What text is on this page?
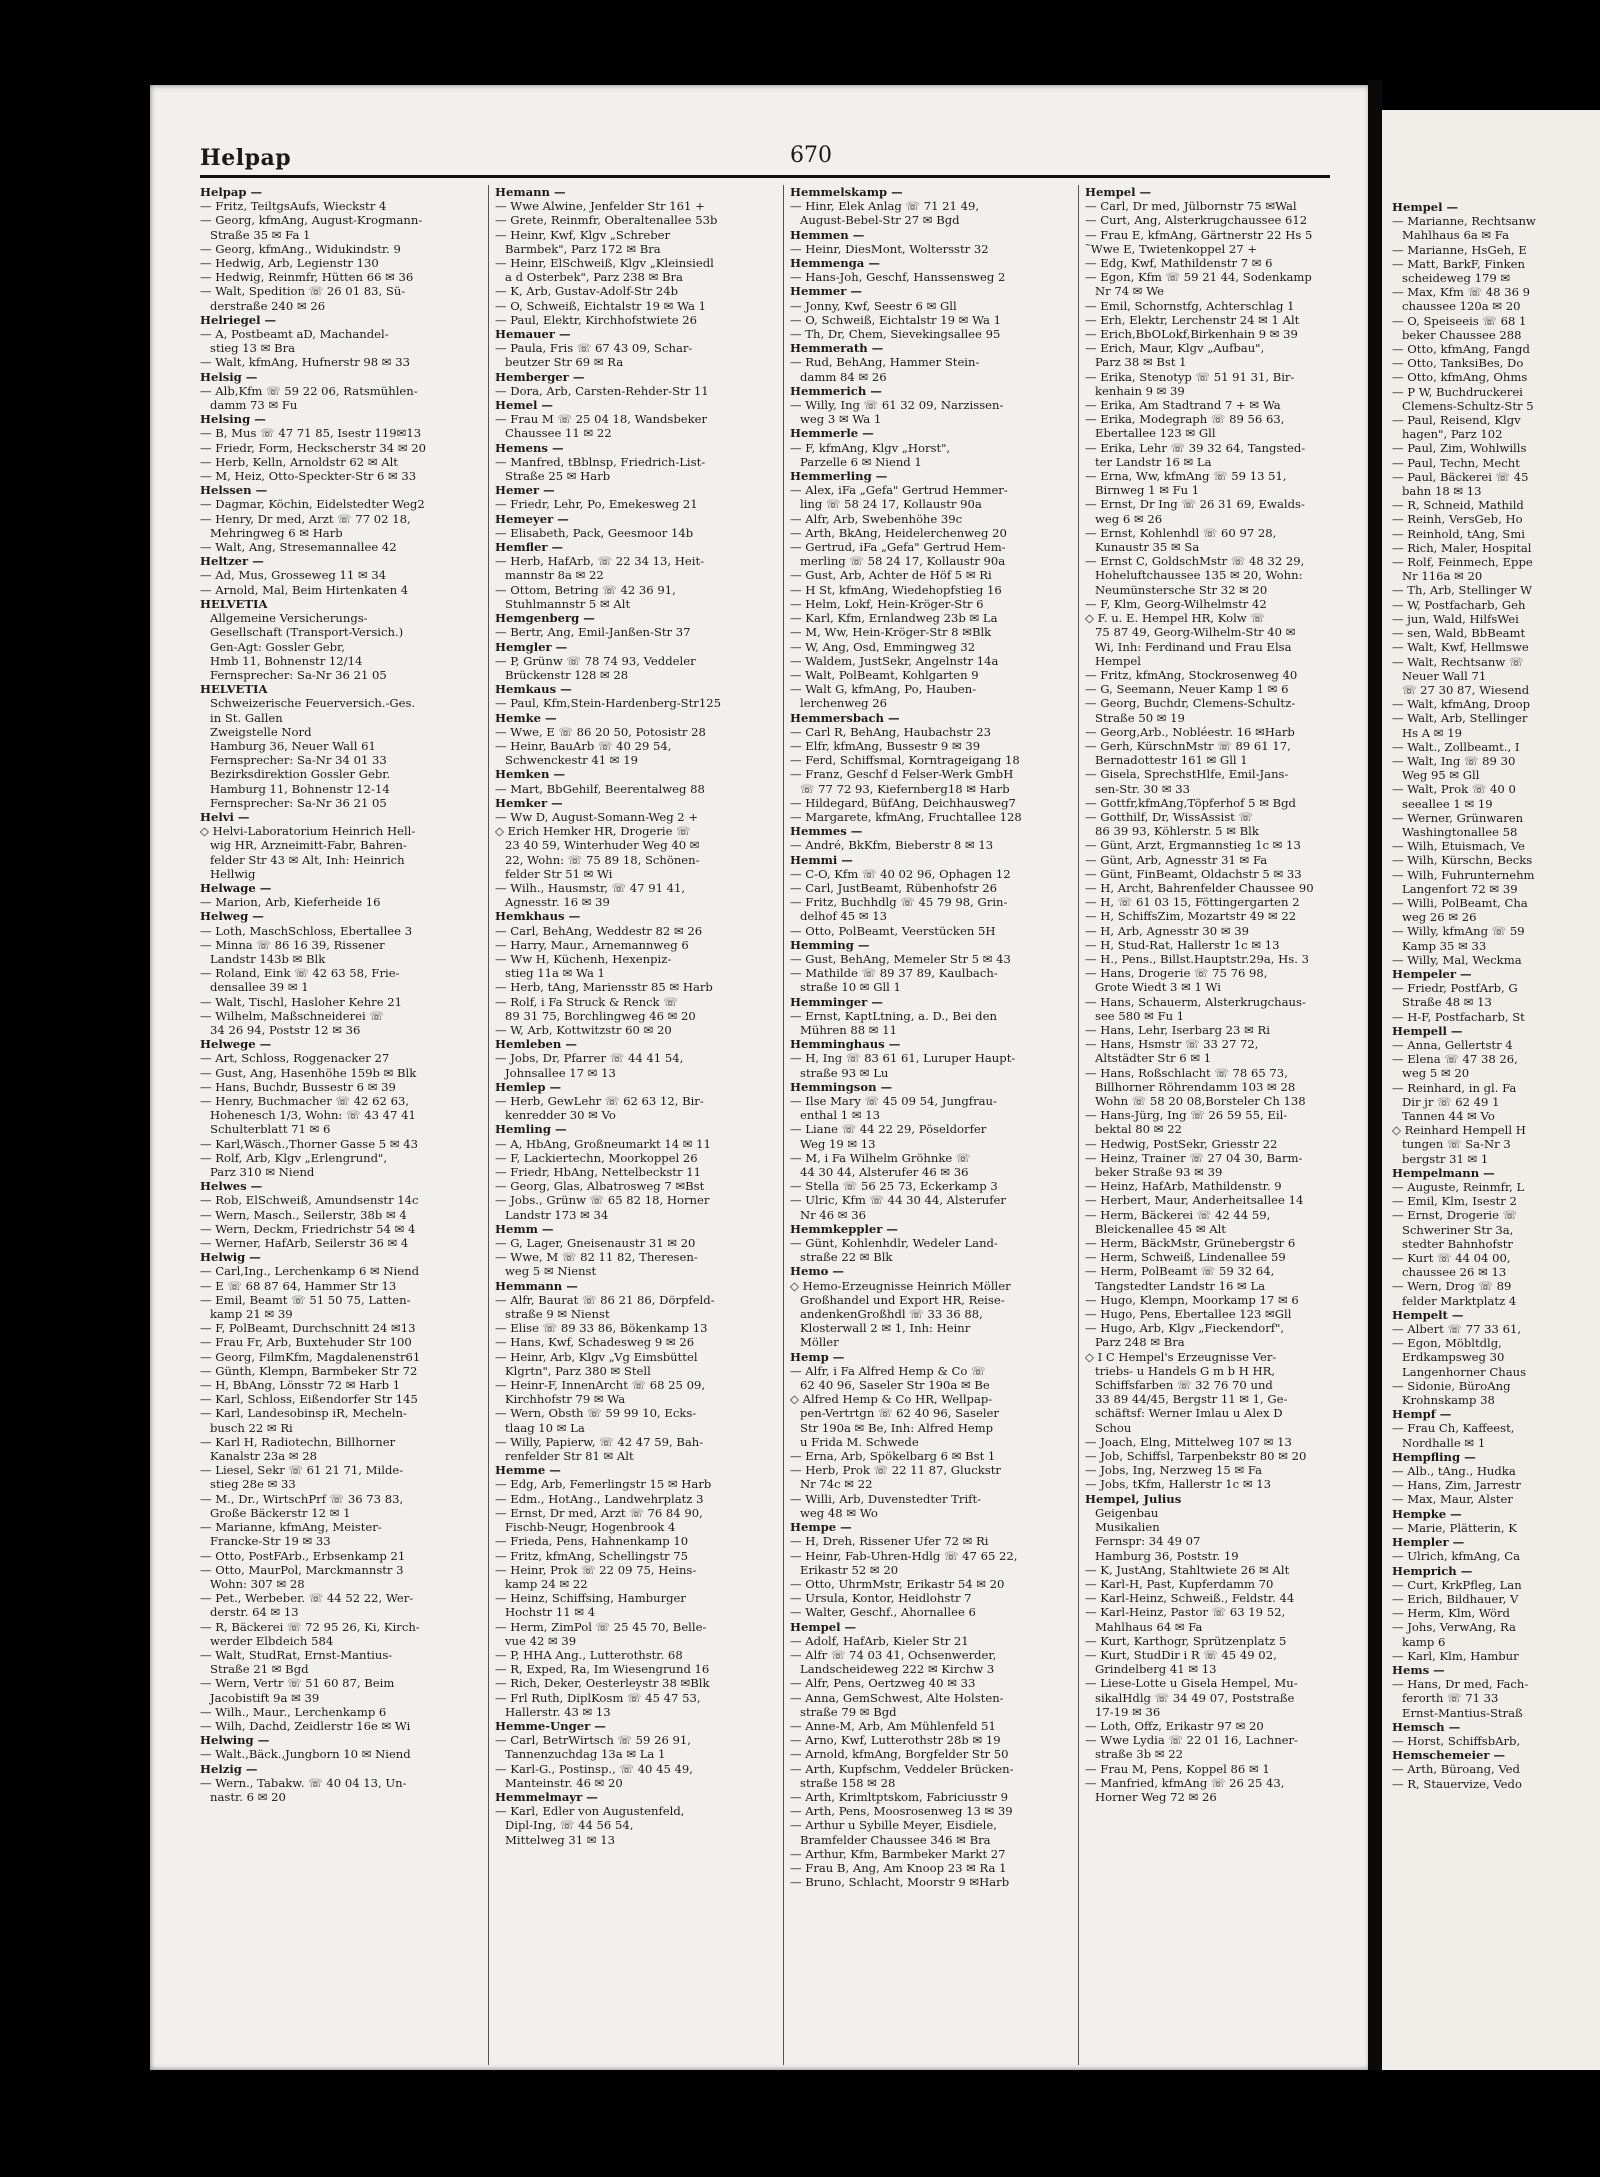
Helpap	670
Helpap —
— Fritz, TeiltgsAufs, Wieckstr 4
— Georg, kfmAng, August-Krogmann-
Straße 35 ✉ Fa 1
— Georg, kfmAng., Widukindstr. 9
— Hedwig, Arb, Legienstr 130
— Hedwig, Reinmfr, Hütten 66 ✉ 36
— Walt, Spedition ☏ 26 01 83, Sü-
derstraße 240 ✉ 26
Helriegel —
— A, Postbeamt aD, Machandel-
stieg 13 ✉ Bra
— Walt, kfmAng, Hufnerstr 98 ✉ 33
Helsig —
— Alb,Kfm ☏ 59 22 06, Ratsmühlen-
damm 73 ✉ Fu
Helsing —
— B, Mus ☏ 47 71 85, Isestr 119✉13
— Friedr, Form, Heckscherstr 34 ✉ 20
— Herb, Kelln, Arnoldstr 62 ✉ Alt
— M, Heiz, Otto-Speckter-Str 6 ✉ 33
Helssen —
— Dagmar, Köchin, Eidelstedter Weg2
— Henry, Dr med, Arzt ☏ 77 02 18,
Mehringweg 6 ✉ Harb
— Walt, Ang, Stresemannallee 42
Heltzer —
— Ad, Mus, Grosseweg 11 ✉ 34
— Arnold, Mal, Beim Hirtenkaten 4
HELVETIA
Allgemeine Versicherungs-
Gesellschaft (Transport-Versich.)
Gen-Agt: Gossler Gebr,
Hmb 11, Bohnenstr 12/14
Fernsprecher: Sa-Nr 36 21 05
HELVETIA
Schweizerische Feuerversich.-Ges.
in St. Gallen
Zweigstelle Nord
Hamburg 36, Neuer Wall 61
Fernsprecher: Sa-Nr 34 01 33
Bezirksdirektion Gossler Gebr.
Hamburg 11, Bohnenstr 12-14
Fernsprecher: Sa-Nr 36 21 05
Helvi —
◇ Helvi-Laboratorium Heinrich Hell-
wig HR, Arzneimitt-Fabr, Bahren-
felder Str 43 ✉ Alt, Inh: Heinrich
Hellwig
Helwage —
— Marion, Arb, Kieferheide 16
Helweg —
— Loth, MaschSchloss, Ebertallee 3
— Minna ☏ 86 16 39, Rissener
Landstr 143b ✉ Blk
— Roland, Eink ☏ 42 63 58, Frie-
densallee 39 ✉ 1
— Walt, Tischl, Hasloher Kehre 21
— Wilhelm, Maßschneiderei ☏
34 26 94, Poststr 12 ✉ 36
Helwege —
— Art, Schloss, Roggenacker 27
— Gust, Ang, Hasenhöhe 159b ✉ Blk
— Hans, Buchdr, Bussestr 6 ✉ 39
— Henry, Buchmacher ☏ 42 62 63,
Hohenesch 1/3, Wohn: ☏ 43 47 41
Schulterblatt 71 ✉ 6
— Karl,Wäsch.,Thorner Gasse 5 ✉ 43
— Rolf, Arb, Klgv „Erlengrund",
Parz 310 ✉ Niend
Helwes —
— Rob, ElSchweiß, Amundsenstr 14c
— Wern, Masch., Seilerstr, 38b ✉ 4
— Wern, Deckm, Friedrichstr 54 ✉ 4
— Werner, HafArb, Seilerstr 36 ✉ 4
Helwig —
— Carl,Ing., Lerchenkamp 6 ✉ Niend
— E ☏ 68 87 64, Hammer Str 13
— Emil, Beamt ☏ 51 50 75, Latten-
kamp 21 ✉ 39
— F, PolBeamt, Durchschnitt 24 ✉13
— Frau Fr, Arb, Buxtehuder Str 100
— Georg, FilmKfm, Magdalenenstr61
— Günth, Klempn, Barmbeker Str 72
— H, BbAng, Lönsstr 72 ✉ Harb 1
— Karl, Schloss, Eißendorfer Str 145
— Karl, Landesobinsp iR, Mecheln-
busch 22 ✉ Ri
— Karl H, Radiotechn, Billhorner
Kanalstr 23a ✉ 28
— Liesel, Sekr ☏ 61 21 71, Milde-
stieg 28e ✉ 33
— M., Dr., WirtschPrf ☏ 36 73 83,
Große Bäckerstr 12 ✉ 1
— Marianne, kfmAng, Meister-
Francke-Str 19 ✉ 33
— Otto, PostFArb., Erbsenkamp 21
— Otto, MaurPol, Marckmannstr 3
Wohn: 307 ✉ 28
— Pet., Werbeber. ☏ 44 52 22, Wer-
derstr. 64 ✉ 13
— R, Bäckerei ☏ 72 95 26, Ki, Kirch-
werder Elbdeich 584
— Walt, StudRat, Ernst-Mantius-
Straße 21 ✉ Bgd
— Wern, Vertr ☏ 51 60 87, Beim
Jacobistift 9a ✉ 39
— Wilh., Maur., Lerchenkamp 6
— Wilh, Dachd, Zeidlerstr 16e ✉ Wi
Helwing —
— Walt.,Bäck.,Jungborn 10 ✉ Niend
Helzig —
— Wern., Tabakw. ☏ 40 04 13, Un-
nastr. 6 ✉ 20
Hemann —
— Wwe Alwine, Jenfelder Str 161 +
— Grete, Reinmfr, Oberaltenallee 53b
— Heinr, Kwf, Klgv „Schreber
Barmbek", Parz 172 ✉ Bra
— Heinr, ElSchweiß, Klgv „Kleinsiedl
a d Osterbek", Parz 238 ✉ Bra
— K, Arb, Gustav-Adolf-Str 24b
— O, Schweiß, Eichtalstr 19 ✉ Wa 1
— Paul, Elektr, Kirchhofstwiete 26
Hemauer —
— Paula, Fris ☏ 67 43 09, Schar-
beutzer Str 69 ✉ Ra
Hemberger —
— Dora, Arb, Carsten-Rehder-Str 11
Hemel —
— Frau M ☏ 25 04 18, Wandsbeker
Chaussee 11 ✉ 22
Hemens —
— Manfred, tBblnsp, Friedrich-List-
Straße 25 ✉ Harb
Hemer —
— Friedr, Lehr, Po, Emekesweg 21
Hemeyer —
— Elisabeth, Pack, Geesmoor 14b
Hemfler —
— Herb, HafArb, ☏ 22 34 13, Heit-
mannstr 8a ✉ 22
— Ottom, Betring ☏ 42 36 91,
Stuhlmannstr 5 ✉ Alt
Hemgenberg —
— Bertr, Ang, Emil-Janßen-Str 37
Hemgler —
— P, Grünw ☏ 78 74 93, Veddeler
Brückenstr 128 ✉ 28
Hemkaus —
— Paul, Kfm,Stein-Hardenberg-Str125
Hemke —
— Wwe, E ☏ 86 20 50, Potosistr 28
— Heinr, BauArb ☏ 40 29 54,
Schwenckestr 41 ✉ 19
Hemken —
— Mart, BbGehilf, Beerentalweg 88
Hemker —
— Ww D, August-Somann-Weg 2 +
◇ Erich Hemker HR, Drogerie ☏
23 40 59, Winterhuder Weg 40 ✉
22, Wohn: ☏ 75 89 18, Schönen-
felder Str 51 ✉ Wi
— Wilh., Hausmstr, ☏ 47 91 41,
Agnesstr. 16 ✉ 39
Hemkhaus —
— Carl, BehAng, Weddestr 82 ✉ 26
— Harry, Maur., Arnemannweg 6
— Ww H, Küchenh, Hexenpiz-
stieg 11a ✉ Wa 1
— Herb, tAng, Mariensstr 85 ✉ Harb
— Rolf, i Fa Struck & Renck ☏
89 31 75, Borchlingweg 46 ✉ 20
— W, Arb, Kottwitzstr 60 ✉ 20
Hemleben —
— Jobs, Dr, Pfarrer ☏ 44 41 54,
Johnsallee 17 ✉ 13
Hemlep —
— Herb, GewLehr ☏ 62 63 12, Bir-
kenredder 30 ✉ Vo
Hemling —
— A, HbAng, Großneumarkt 14 ✉ 11
— F, Lackiertechn, Moorkoppel 26
— Friedr, HbAng, Nettelbeckstr 11
— Georg, Glas, Albatrosweg 7 ✉Bst
— Jobs., Grünw ☏ 65 82 18, Horner
Landstr 173 ✉ 34
Hemm —
— G, Lager, Gneisenaustr 31 ✉ 20
— Wwe, M ☏ 82 11 82, Theresen-
weg 5 ✉ Nienst
Hemmann —
— Alfr, Baurat ☏ 86 21 86, Dörpfeld-
straße 9 ✉ Nienst
— Elise ☏ 89 33 86, Bökenkamp 13
— Hans, Kwf, Schadesweg 9 ✉ 26
— Heinr, Arb, Klgv „Vg Eimsbüttel
Klgrtn", Parz 380 ✉ Stell
— Heinr-F, InnenArcht ☏ 68 25 09,
Kirchhofstr 79 ✉ Wa
— Wern, Obsth ☏ 59 99 10, Ecks-
tlaag 10 ✉ La
— Willy, Papierw, ☏ 42 47 59, Bah-
renfelder Str 81 ✉ Alt
Hemme —
— Edg, Arb, Femerlingstr 15 ✉ Harb
— Edm., HotAng., Landwehrplatz 3
— Ernst, Dr med, Arzt ☏ 76 84 90,
Fischb-Neugr, Hogenbrook 4
— Frieda, Pens, Hahnenkamp 10
— Fritz, kfmAng, Schellingstr 75
— Heinr, Prok ☏ 22 09 75, Heins-
kamp 24 ✉ 22
— Heinz, Schiffsing, Hamburger
Hochstr 11 ✉ 4
— Herm, ZimPol ☏ 25 45 70, Belle-
vue 42 ✉ 39
— P, HHA Ang., Lutterothstr. 68
— R, Exped, Ra, Im Wiesengrund 16
— Rich, Deker, Oesterleystr 38 ✉Blk
— Frl Ruth, DiplKosm ☏ 45 47 53,
Hallerstr. 43 ✉ 13
Hemme-Unger —
— Carl, BetrWirtsch ☏ 59 26 91,
Tannenzuchdag 13a ✉ La 1
— Karl-G., Postinsp., ☏ 40 45 49,
Manteinstr. 46 ✉ 20
Hemmelmayr —
— Karl, Edler von Augustenfeld,
Dipl-Ing, ☏ 44 56 54,
Mittelweg 31 ✉ 13
Hemmelskamp —
— Hinr, Elek Anlag ☏ 71 21 49,
August-Bebel-Str 27 ✉ Bgd
Hemmen —
— Heinr, DiesMont, Woltersstr 32
Hemmenga —
— Hans-Joh, Geschf, Hanssensweg 2
Hemmer —
— Jonny, Kwf, Seestr 6 ✉ Gll
— O, Schweiß, Eichtalstr 19 ✉ Wa 1
— Th, Dr, Chem, Sievekingsallee 95
Hemmerath —
— Rud, BehAng, Hammer Stein-
damm 84 ✉ 26
Hemmerich —
— Willy, Ing ☏ 61 32 09, Narzissen-
weg 3 ✉ Wa 1
Hemmerle —
— F, kfmAng, Klgv „Horst",
Parzelle 6 ✉ Niend 1
Hemmerling —
— Alex, iFa „Gefa" Gertrud Hemmer-
ling ☏ 58 24 17, Kollaustr 90a
— Alfr, Arb, Swebenhöhe 39c
— Arth, BkAng, Heidelerchenweg 20
— Gertrud, iFa „Gefa" Gertrud Hem-
merling ☏ 58 24 17, Kollaustr 90a
— Gust, Arb, Achter de Höf 5 ✉ Ri
— H St, kfmAng, Wiedehopfstieg 16
— Helm, Lokf, Hein-Kröger-Str 6
— Karl, Kfm, Ernlandweg 23b ✉ La
— M, Ww, Hein-Kröger-Str 8 ✉Blk
— W, Ang, Osd, Emmingweg 32
— Waldem, JustSekr, Angelnstr 14a
— Walt, PolBeamt, Kohlgarten 9
— Walt G, kfmAng, Po, Hauben-
lerchenweg 26
Hemmersbach —
— Carl R, BehAng, Haubachstr 23
— Elfr, kfmAng, Bussestr 9 ✉ 39
— Ferd, Schiffsmal, Korntrageigang 18
— Franz, Geschf d Felser-Werk GmbH
☏ 77 72 93, Kiefernberg18 ✉ Harb
— Hildegard, BüfAng, Deichhausweg7
— Margarete, kfmAng, Fruchtallee 128
Hemmes —
— André, BkKfm, Bieberstr 8 ✉ 13
Hemmi —
— C-O, Kfm ☏ 40 02 96, Ophagen 12
— Carl, JustBeamt, Rübenhofstr 26
— Fritz, Buchhdlg ☏ 45 79 98, Grin-
delhof 45 ✉ 13
— Otto, PolBeamt, Veerstücken 5H
Hemming —
— Gust, BehAng, Memeler Str 5 ✉ 43
— Mathilde ☏ 89 37 89, Kaulbach-
straße 10 ✉ Gll 1
Hemminger —
— Ernst, KaptLtning, a. D., Bei den
Mühren 88 ✉ 11
Hemminghaus —
— H, Ing ☏ 83 61 61, Luruper Haupt-
straße 93 ✉ Lu
Hemmingson —
— Ilse Mary ☏ 45 09 54, Jungfrau-
enthal 1 ✉ 13
— Liane ☏ 44 22 29, Pöseldorfer
Weg 19 ✉ 13
— M, i Fa Wilhelm Gröhnke ☏
44 30 44, Alsterufer 46 ✉ 36
— Stella ☏ 56 25 73, Eckerkamp 3
— Ulric, Kfm ☏ 44 30 44, Alsterufer
Nr 46 ✉ 36
Hemmkeppler —
— Günt, Kohlenhdlr, Wedeler Land-
straße 22 ✉ Blk
Hemo —
◇ Hemo-Erzeugnisse Heinrich Möller
Großhandel und Export HR, Reise-
andenkenGroßhdl ☏ 33 36 88,
Klosterwall 2 ✉ 1, Inh: Heinr
Möller
Hemp —
— Alfr, i Fa Alfred Hemp & Co ☏
62 40 96, Saseler Str 190a ✉ Be
◇ Alfred Hemp & Co HR, Wellpap-
pen-Vertrtgn ☏ 62 40 96, Saseler
Str 190a ✉ Be, Inh: Alfred Hemp
u Frida M. Schwede
— Erna, Arb, Spökelbarg 6 ✉ Bst 1
— Herb, Prok ☏ 22 11 87, Gluckstr
Nr 74c ✉ 22
— Willi, Arb, Duvenstedter Trift-
weg 48 ✉ Wo
Hempe —
— H, Dreh, Rissener Ufer 72 ✉ Ri
— Heinr, Fab-Uhren-Hdlg ☏ 47 65 22,
Erikastr 52 ✉ 20
— Otto, UhrmMstr, Erikastr 54 ✉ 20
— Ursula, Kontor, Heidlohstr 7
— Walter, Geschf., Ahornallee 6
Hempel —
— Adolf, HafArb, Kieler Str 21
— Alfr ☏ 74 03 41, Ochsenwerder,
Landscheideweg 222 ✉ Kirchw 3
— Alfr, Pens, Oertzweg 40 ✉ 33
— Anna, GemSchwest, Alte Holsten-
straße 79 ✉ Bgd
— Anne-M, Arb, Am Mühlenfeld 51
— Arno, Kwf, Lutterothstr 28b ✉ 19
— Arnold, kfmAng, Borgfelder Str 50
— Arth, Kupfschm, Veddeler Brücken-
straße 158 ✉ 28
— Arth, Krimltptskom, Fabriciusstr 9
— Arth, Pens, Moosrosenweg 13 ✉ 39
— Arthur u Sybille Meyer, Eisdiele,
Bramfelder Chaussee 346 ✉ Bra
— Arthur, Kfm, Barmbeker Markt 27
— Frau B, Ang, Am Knoop 23 ✉ Ra 1
— Bruno, Schlacht, Moorstr 9 ✉Harb
Hempel —
— Carl, Dr med, Jülbornstr 75 ✉Wal
— Curt, Ang, Alsterkrugchaussee 612
— Frau E, kfmAng, Gärtnerstr 22 Hs 5
˜Wwe E, Twietenkoppel 27 +
— Edg, Kwf, Mathildenstr 7 ✉ 6
— Egon, Kfm ☏ 59 21 44, Sodenkamp
Nr 74 ✉ We
— Emil, Schornstfg, Achterschlag 1
— Erh, Elektr, Lerchenstr 24 ✉ 1 Alt
— Erich,BbOLokf,Birkenhain 9 ✉ 39
— Erich, Maur, Klgv „Aufbau",
Parz 38 ✉ Bst 1
— Erika, Stenotyp ☏ 51 91 31, Bir-
kenhain 9 ✉ 39
— Erika, Am Stadtrand 7 + ✉ Wa
— Erika, Modegraph ☏ 89 56 63,
Ebertallee 123 ✉ Gll
— Erika, Lehr ☏ 39 32 64, Tangsted-
ter Landstr 16 ✉ La
— Erna, Ww, kfmAng ☏ 59 13 51,
Birnweg 1 ✉ Fu 1
— Ernst, Dr Ing ☏ 26 31 69, Ewalds-
weg 6 ✉ 26
— Ernst, Kohlenhdl ☏ 60 97 28,
Kunaustr 35 ✉ Sa
— Ernst C, GoldschMstr ☏ 48 32 29,
Hoheluftchaussee 135 ✉ 20, Wohn:
Neumünstersche Str 32 ✉ 20
— F, Klm, Georg-Wilhelmstr 42
◇ F. u. E. Hempel HR, Kolw ☏
75 87 49, Georg-Wilhelm-Str 40 ✉
Wi, Inh: Ferdinand und Frau Elsa
Hempel
— Fritz, kfmAng, Stockrosenweg 40
— G, Seemann, Neuer Kamp 1 ✉ 6
— Georg, Buchdr, Clemens-Schultz-
Straße 50 ✉ 19
— Georg,Arb., Nobléestr. 16 ✉Harb
— Gerh, KürschnMstr ☏ 89 61 17,
Bernadottestr 161 ✉ Gll 1
— Gisela, SprechstHlfe, Emil-Jans-
sen-Str. 30 ✉ 33
— Gottfr,kfmAng,Töpferhof 5 ✉ Bgd
— Gotthilf, Dr, WissAssist ☏
86 39 93, Köhlerstr. 5 ✉ Blk
— Günt, Arzt, Ergmannstieg 1c ✉ 13
— Günt, Arb, Agnesstr 31 ✉ Fa
— Günt, FinBeamt, Oldachstr 5 ✉ 33
— H, Archt, Bahrenfelder Chaussee 90
— H, ☏ 61 03 15, Föttingergarten 2
— H, SchiffsZim, Mozartstr 49 ✉ 22
— H, Arb, Agnesstr 30 ✉ 39
— H, Stud-Rat, Hallerstr 1c ✉ 13
— H., Pens., Billst.Hauptstr.29a, Hs. 3
— Hans, Drogerie ☏ 75 76 98,
Grote Wiedt 3 ✉ 1 Wi
— Hans, Schauerm, Alsterkrugchaus-
see 580 ✉ Fu 1
— Hans, Lehr, Iserbarg 23 ✉ Ri
— Hans, Hsmstr ☏ 33 27 72,
Altstädter Str 6 ✉ 1
— Hans, Roßschlacht ☏ 78 65 73,
Billhorner Röhrendamm 103 ✉ 28
Wohn ☏ 58 20 08,Borsteler Ch 138
— Hans-Jürg, Ing ☏ 26 59 55, Eil-
bektal 80 ✉ 22
— Hedwig, PostSekr, Griesstr 22
— Heinz, Trainer ☏ 27 04 30, Barm-
beker Straße 93 ✉ 39
— Heinz, HafArb, Mathildenstr. 9
— Herbert, Maur, Anderheitsallee 14
— Herm, Bäckerei ☏ 42 44 59,
Bleickenallee 45 ✉ Alt
— Herm, BäckMstr, Grünebergstr 6
— Herm, Schweiß, Lindenallee 59
— Herm, PolBeamt ☏ 59 32 64,
Tangstedter Landstr 16 ✉ La
— Hugo, Klempn, Moorkamp 17 ✉ 6
— Hugo, Pens, Ebertallee 123 ✉Gll
— Hugo, Arb, Klgv „Fieckendorf",
Parz 248 ✉ Bra
◇ I C Hempel's Erzeugnisse Ver-
triebs- u Handels G m b H HR,
Schiffsfarben ☏ 32 76 70 und
33 89 44/45, Bergstr 11 ✉ 1, Ge-
schäftsf: Werner Imlau u Alex D
Schou
— Joach, Elng, Mittelweg 107 ✉ 13
— Job, Schiffsl, Tarpenbekstr 80 ✉ 20
— Jobs, Ing, Nerzweg 15 ✉ Fa
— Jobs, tKfm, Hallerstr 1c ✉ 13
Hempel, Julius
Geigenbau
Musikalien
Fernspr: 34 49 07
Hamburg 36, Poststr. 19
— K, JustAng, Stahltwiete 26 ✉ Alt
— Karl-H, Past, Kupferdamm 70
— Karl-Heinz, Schweiß., Feldstr. 44
— Karl-Heinz, Pastor ☏ 63 19 52,
Mahlhaus 64 ✉ Fa
— Kurt, Karthogr, Sprützenplatz 5
— Kurt, StudDir i R ☏ 45 49 02,
Grindelberg 41 ✉ 13
— Liese-Lotte u Gisela Hempel, Mu-
sikalHdlg ☏ 34 49 07, Poststraße
17-19 ✉ 36
— Loth, Offz, Erikastr 97 ✉ 20
— Wwe Lydia ☏ 22 01 16, Lachner-
straße 3b ✉ 22
— Frau M, Pens, Koppel 86 ✉ 1
— Manfried, kfmAng ☏ 26 25 43,
Horner Weg 72 ✉ 26
Hempel —
— Marianne, Rechtsanw
Mahlhaus 6a ✉ Fa
— Marianne, HsGeh, E
— Matt, BarkF, Finken
scheideweg 179 ✉
— Max, Kfm ☏ 48 36 9
chaussee 120a ✉ 20
— O, Speiseeis ☏ 68 1
beker Chaussee 288
— Otto, kfmAng, Fangd
— Otto, TanksiBes, Do
— Otto, kfmAng, Ohms
— P W, Buchdruckerei
Clemens-Schultz-Str 5
— Paul, Reisend, Klgv
hagen", Parz 102
— Paul, Zim, Wohlwills
— Paul, Techn, Mecht
— Paul, Bäckerei ☏ 45
bahn 18 ✉ 13
— R, Schneid, Mathild
— Reinh, VersGeb, Ho
— Reinhold, tAng, Smi
— Rich, Maler, Hospital
— Rolf, Feinmech, Eppe
Nr 116a ✉ 20
— Th, Arb, Stellinger W
— W, Postfacharb, Geh
— jun, Wald, HilfsWei
— sen, Wald, BbBeamt
— Walt, Kwf, Hellmswe
— Walt, Rechtsanw ☏
Neuer Wall 71
☏ 27 30 87, Wiesend
— Walt, kfmAng, Droop
— Walt, Arb, Stellinger
Hs A ✉ 19
— Walt., Zollbeamt., I
— Walt, Ing ☏ 89 30
Weg 95 ✉ Gll
— Walt, Prok ☏ 40 0
seeallee 1 ✉ 19
— Werner, Grünwaren
Washingtonallee 58
— Wilh, Etuismach, Ve
— Wilh, Kürschn, Becks
— Wilh, Fuhrunternehm
Langenfort 72 ✉ 39
— Willi, PolBeamt, Cha
weg 26 ✉ 26
— Willy, kfmAng ☏ 59
Kamp 35 ✉ 33
— Willy, Mal, Weckma
Hempeler —
— Friedr, PostfArb, G
Straße 48 ✉ 13
— H-F, Postfacharb, St
Hempell —
— Anna, Gellertstr 4
— Elena ☏ 47 38 26,
weg 5 ✉ 20
— Reinhard, in gl. Fa
Dir jr ☏ 62 49 1
Tannen 44 ✉ Vo
◇ Reinhard Hempell H
tungen ☏ Sa-Nr 3
bergstr 31 ✉ 1
Hempelmann —
— Auguste, Reinmfr, L
— Emil, Klm, Isestr 2
— Ernst, Drogerie ☏
Schweriner Str 3a,
stedter Bahnhofstr
— Kurt ☏ 44 04 00,
chaussee 26 ✉ 13
— Wern, Drog ☏ 89
felder Marktplatz 4
Hempelt —
— Albert ☏ 77 33 61,
— Egon, Möbltdlg,
Erdkampsweg 30
Langenhorner Chaus
— Sidonie, BüroAng
Krohnskamp 38
Hempf —
— Frau Ch, Kaffeest,
Nordhalle ✉ 1
Hempfling —
— Alb., tAng., Hudka
— Hans, Zim, Jarrestr
— Max, Maur, Alster
Hempke —
— Marie, Plätterin, K
Hempler —
— Ulrich, kfmAng, Ca
Hemprich —
— Curt, KrkPfleg, Lan
— Erich, Bildhauer, V
— Herm, Klm, Wörd
— Johs, VerwAng, Ra
kamp 6
— Karl, Klm, Hambur
Hems —
— Hans, Dr med, Fach-
ferorth ☏ 71 33
Ernst-Mantius-Straß
Hemsch —
— Horst, SchiffsbArb,
Hemschemeier —
— Arth, Büroang, Ved
— R, Stauervize, Vedo
